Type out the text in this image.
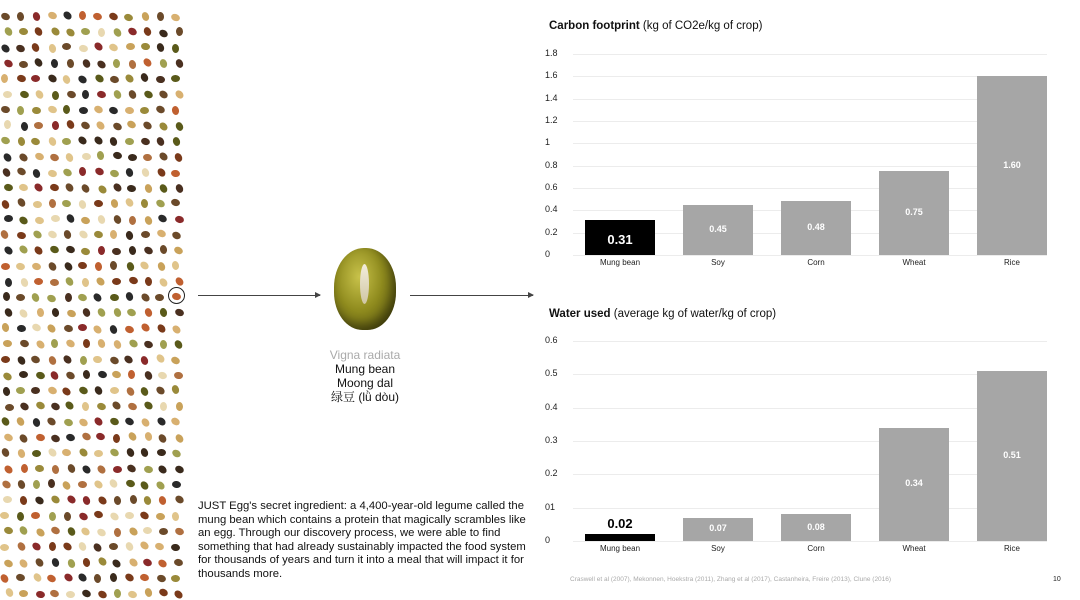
Vigna radiata
Mung bean
Moong dal
绿豆 (lǜ dòu)
JUST Egg's secret ingredient: a 4,400-year-old legume called the mung bean which contains a protein that magically scrambles like an egg. Through our discovery process, we were able to find something that had already sustainably impacted the food system for thousands of years and turn it into a meal that will impact it for thousands more.
Carbon footprint (kg of CO2e/kg of crop)
0
0.2
0.4
0.6
0.8
1
1.2
1.4
1.6
1.8
0.31
Mung bean
0.45
Soy
0.48
Corn
0.75
Wheat
1.60
Rice
Water used (average kg of water/kg of crop)
0
01
0.2
0.3
0.4
0.5
0.6
0.02
Mung bean
0.07
Soy
0.08
Corn
0.34
Wheat
0.51
Rice
Craswell et al (2007), Mekonnen, Hoekstra (2011), Zhang et al (2017), Castanheira, Freire (2013), Clune (2016)	10
